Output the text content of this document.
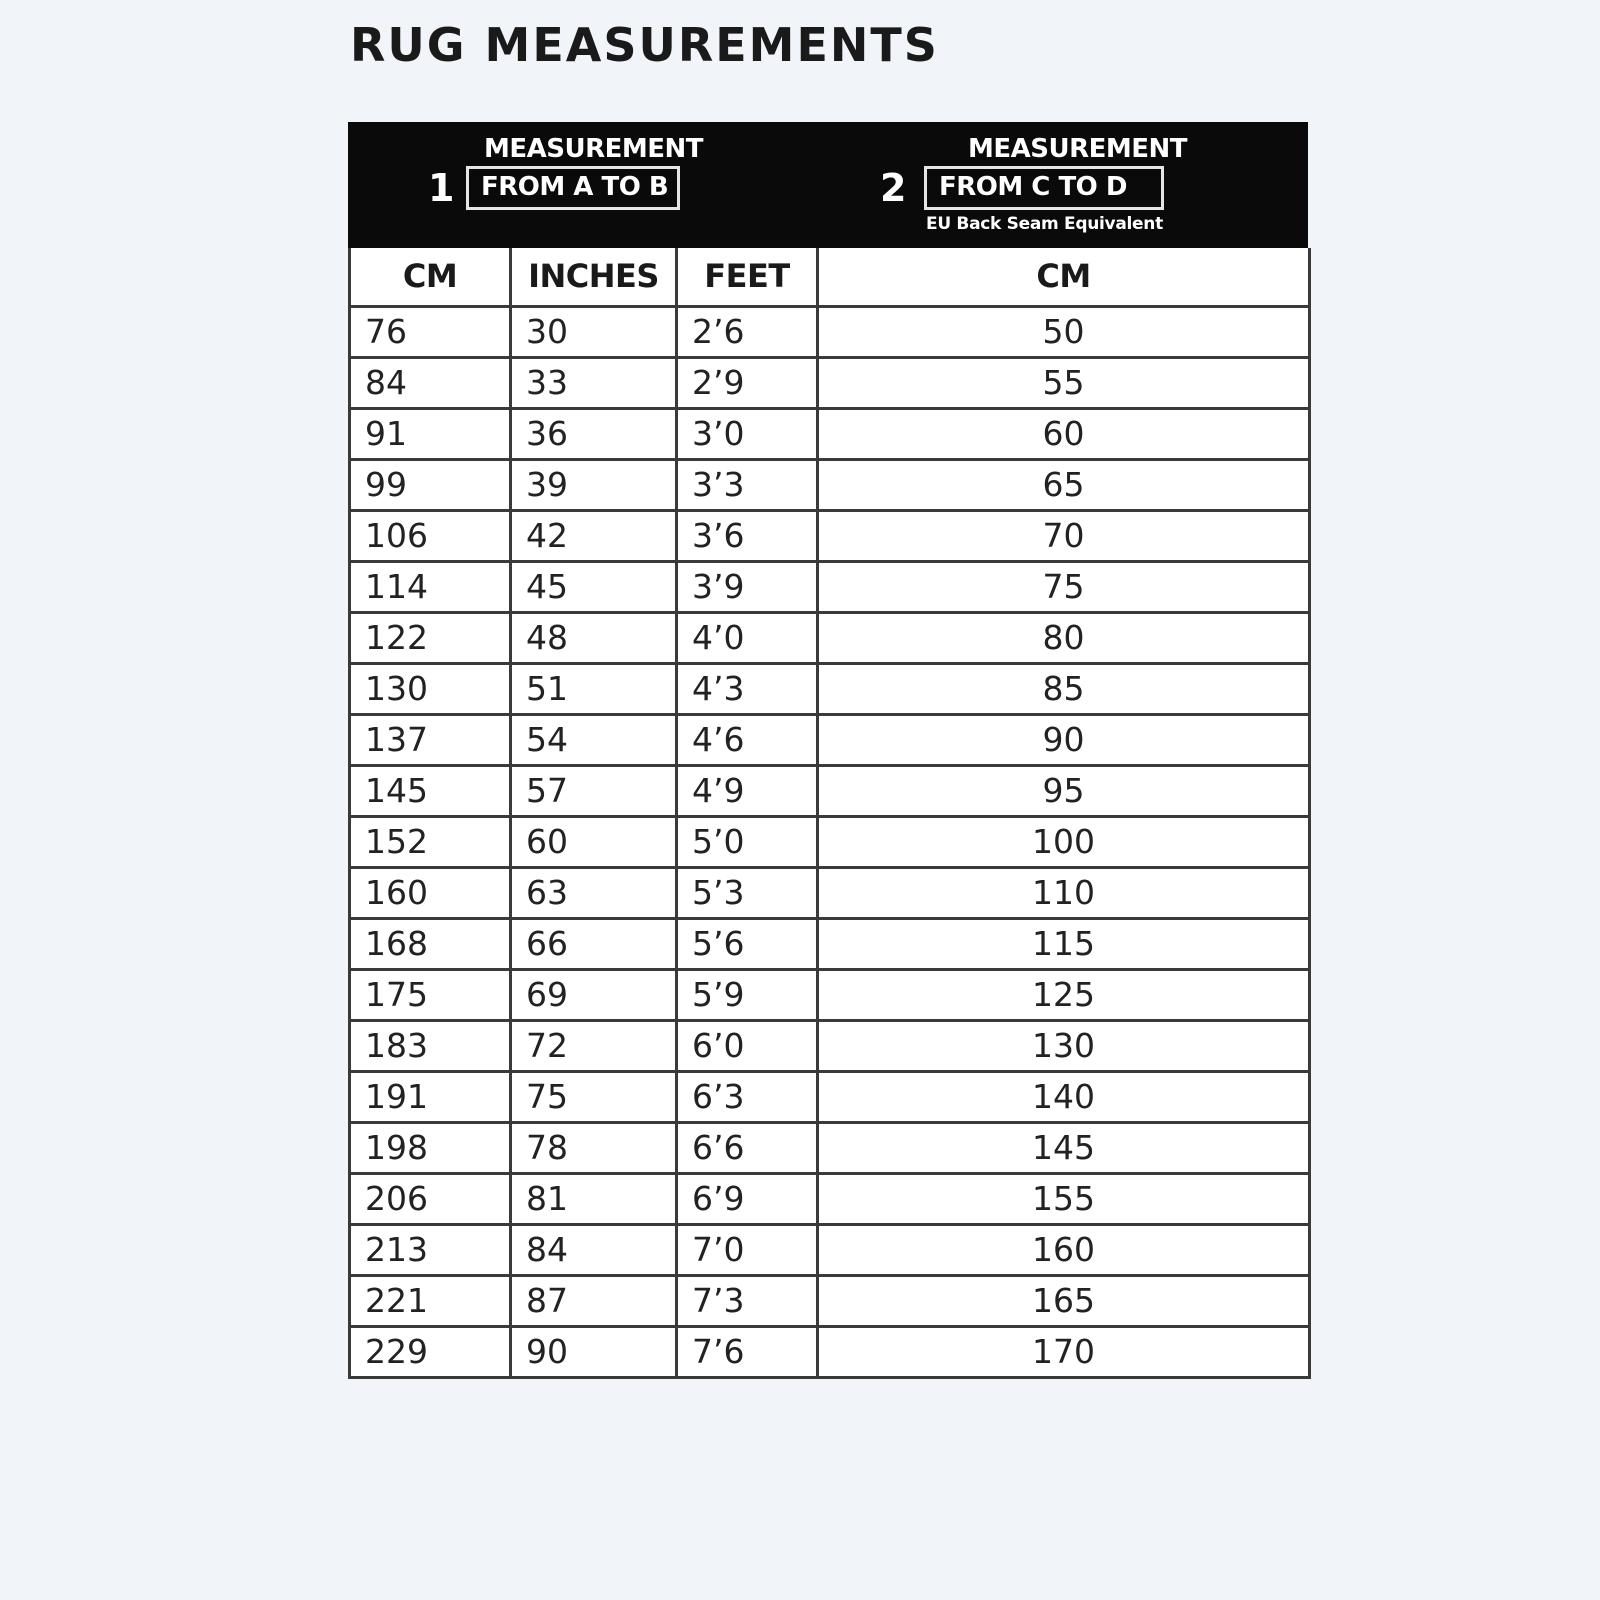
RUG MEASUREMENTS
MEASUREMENT
1	FROM A TO B
MEASUREMENT
2	FROM C TO D
EU Back Seam Equivalent
CM	INCHES	FEET	CM
76	30	2’6	50
84	33	2’9	55
91	36	3’0	60
99	39	3’3	65
106	42	3’6	70
114	45	3’9	75
122	48	4’0	80
130	51	4’3	85
137	54	4’6	90
145	57	4’9	95
152	60	5’0	100
160	63	5’3	110
168	66	5’6	115
175	69	5’9	125
183	72	6’0	130
191	75	6’3	140
198	78	6’6	145
206	81	6’9	155
213	84	7’0	160
221	87	7’3	165
229	90	7’6	170
